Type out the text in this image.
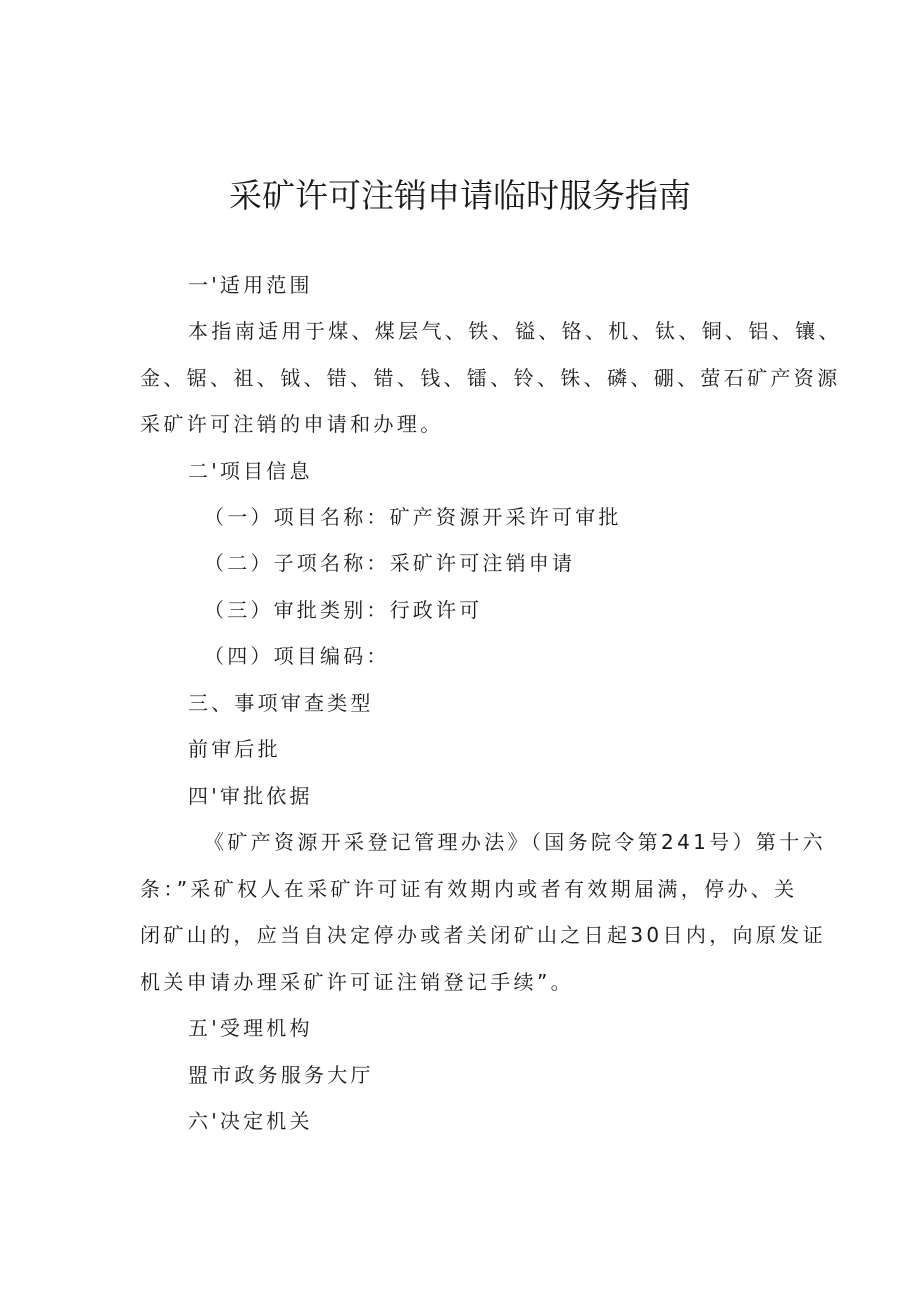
采矿许可注销申请临时服务指南

一'适用范围

本指南适用于煤、煤层气、铁、镒、铬、机、钛、铜、铝、镶、

金、锯、祖、钺、错、错、钱、镭、铃、铢、磷、硼、萤石矿产资源

采矿许可注销的申请和办理。

二'项目信息

（一）项目名称：矿产资源开采许可审批

（二）子项名称：采矿许可注销申请

（三）审批类别：行政许可

（四）项目编码：

三、事项审查类型

前审后批

四'审批依据

《矿产资源开采登记管理办法》（国务院令第241号）第十六

条：”采矿权人在采矿许可证有效期内或者有效期届满，停办、关

闭矿山的，应当自决定停办或者关闭矿山之日起30日内，向原发证

机关申请办理采矿许可证注销登记手续”。

五'受理机构

盟市政务服务大厅

六'决定机关
